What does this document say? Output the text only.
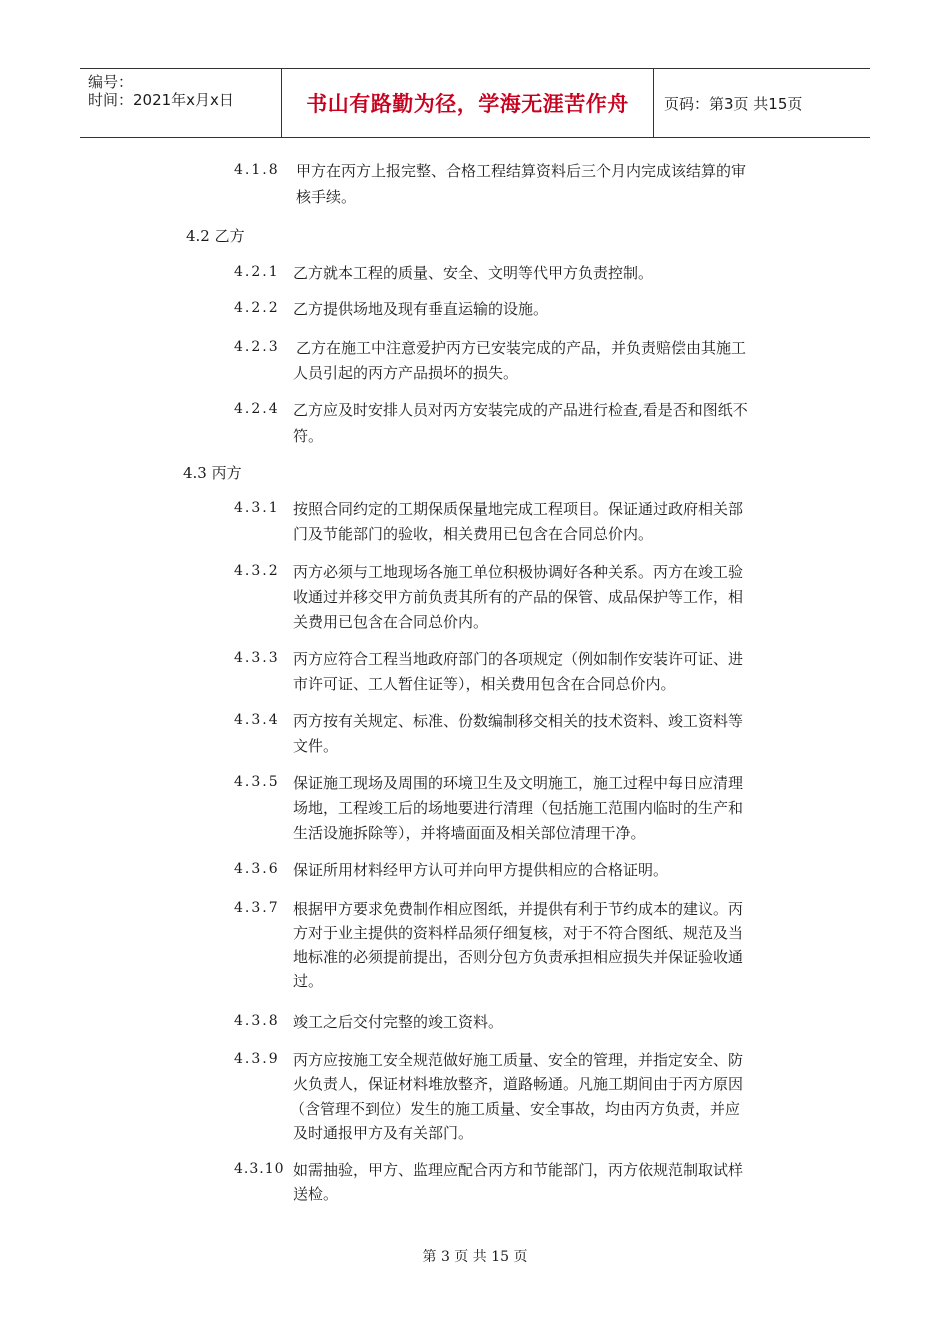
编号：
时间：2021年x月x日	书山有路勤为径，学海无涯苦作舟	页码：第3页 共15页
4.1.8 甲方在丙方上报完整、合格工程结算资料后三个月内完成该结算的审
核手续。
4.2 乙方
4.2.1 乙方就本工程的质量、安全、文明等代甲方负责控制。
4.2.2 乙方提供场地及现有垂直运输的设施。
4.2.3 乙方在施工中注意爱护丙方已安装完成的产品，并负责赔偿由其施工
人员引起的丙方产品损坏的损失。
4.2.4 乙方应及时安排人员对丙方安装完成的产品进行检查,看是否和图纸不
符。
4.3 丙方
4.3.1 按照合同约定的工期保质保量地完成工程项目。保证通过政府相关部
门及节能部门的验收，相关费用已包含在合同总价内。
4.3.2 丙方必须与工地现场各施工单位积极协调好各种关系。丙方在竣工验
收通过并移交甲方前负责其所有的产品的保管、成品保护等工作，相
关费用已包含在合同总价内。
4.3.3 丙方应符合工程当地政府部门的各项规定（例如制作安装许可证、进
市许可证、工人暂住证等），相关费用包含在合同总价内。
4.3.4 丙方按有关规定、标准、份数编制移交相关的技术资料、竣工资料等
文件。
4.3.5 保证施工现场及周围的环境卫生及文明施工，施工过程中每日应清理
场地，工程竣工后的场地要进行清理（包括施工范围内临时的生产和
生活设施拆除等），并将墙面面及相关部位清理干净。
4.3.6 保证所用材料经甲方认可并向甲方提供相应的合格证明。
4.3.7 根据甲方要求免费制作相应图纸，并提供有利于节约成本的建议。丙
方对于业主提供的资料样品须仔细复核，对于不符合图纸、规范及当
地标准的必须提前提出，否则分包方负责承担相应损失并保证验收通
过。
4.3.8 竣工之后交付完整的竣工资料。
4.3.9 丙方应按施工安全规范做好施工质量、安全的管理，并指定安全、防
火负责人，保证材料堆放整齐，道路畅通。凡施工期间由于丙方原因
（含管理不到位）发生的施工质量、安全事故，均由丙方负责，并应
及时通报甲方及有关部门。
4.3.10 如需抽验，甲方、监理应配合丙方和节能部门，丙方依规范制取试样
送检。
第 3 页 共 15 页
